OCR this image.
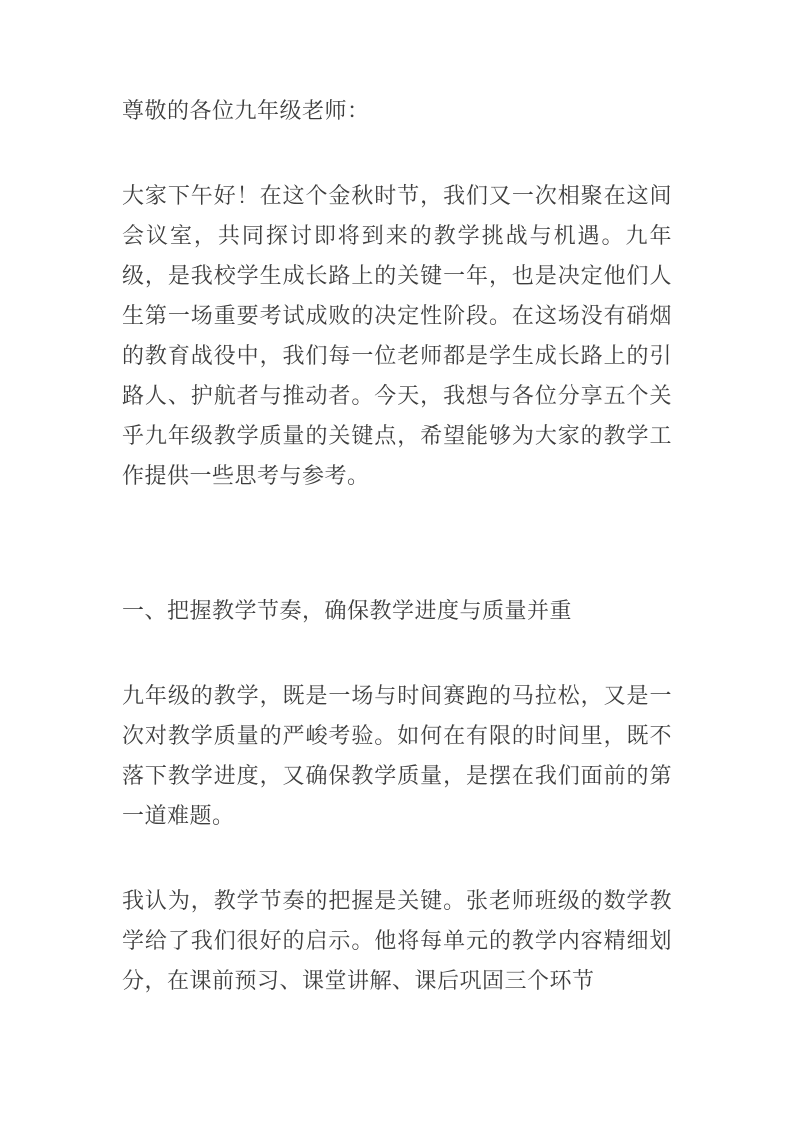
尊敬的各位九年级老师：

大家下午好！在这个金秋时节，我们又一次相聚在这间会议室，共同探讨即将到来的教学挑战与机遇。九年级，是我校学生成长路上的关键一年，也是决定他们人生第一场重要考试成败的决定性阶段。在这场没有硝烟的教育战役中，我们每一位老师都是学生成长路上的引路人、护航者与推动者。今天，我想与各位分享五个关乎九年级教学质量的关键点，希望能够为大家的教学工作提供一些思考与参考。

一、把握教学节奏，确保教学进度与质量并重

九年级的教学，既是一场与时间赛跑的马拉松，又是一次对教学质量的严峻考验。如何在有限的时间里，既不落下教学进度，又确保教学质量，是摆在我们面前的第一道难题。

我认为，教学节奏的把握是关键。张老师班级的数学教学给了我们很好的启示。他将每单元的教学内容精细划分，在课前预习、课堂讲解、课后巩固三个环节
